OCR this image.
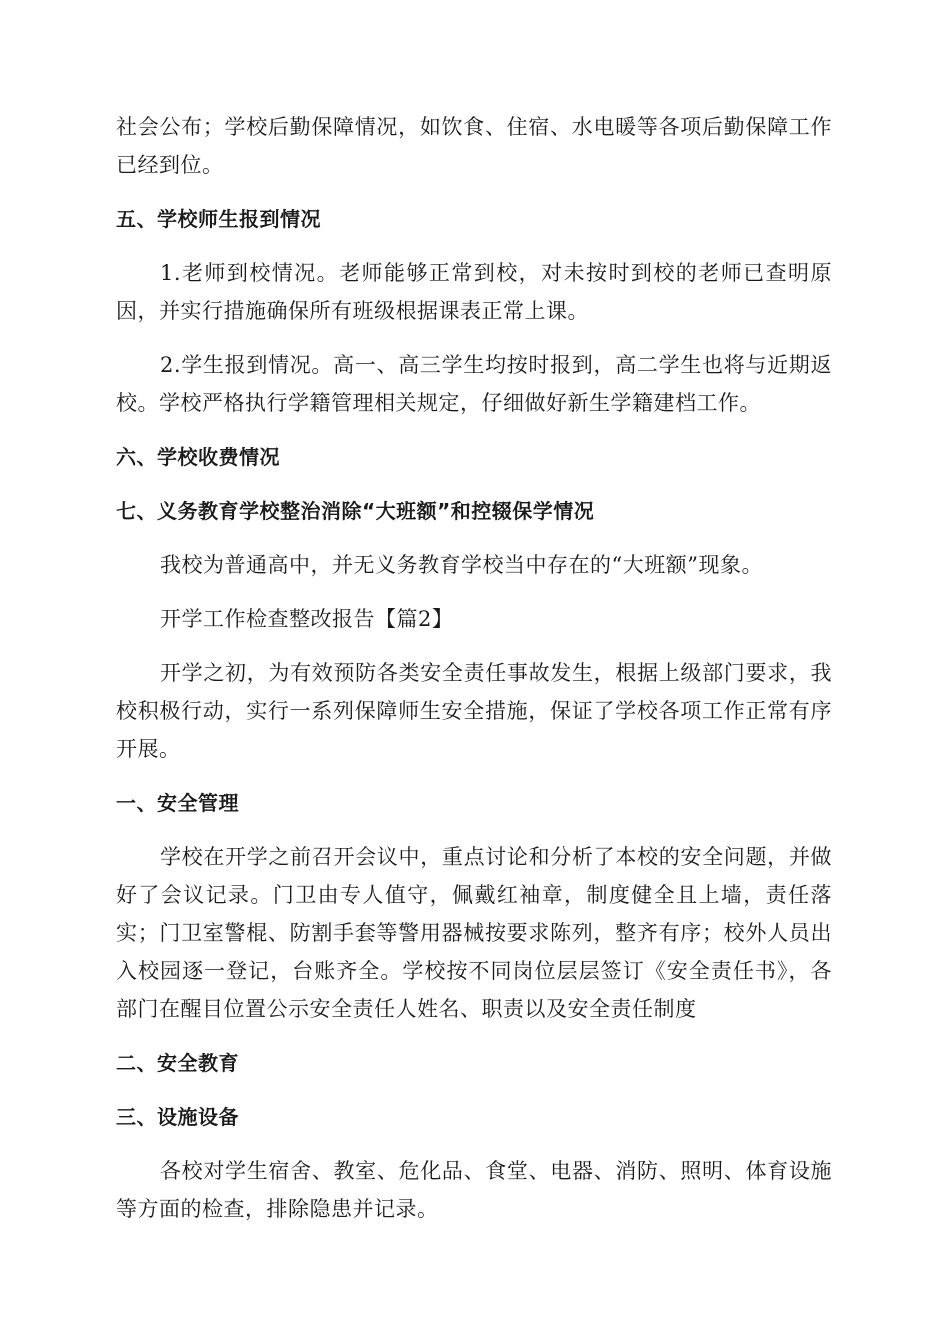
社会公布；学校后勤保障情况，如饮食、住宿、水电暖等各项后勤保障工作已经到位。

五、学校师生报到情况

1.老师到校情况。老师能够正常到校，对未按时到校的老师已查明原因，并实行措施确保所有班级根据课表正常上课。

2.学生报到情况。高一、高三学生均按时报到，高二学生也将与近期返校。学校严格执行学籍管理相关规定，仔细做好新生学籍建档工作。

六、学校收费情况

七、义务教育学校整治消除“大班额”和控辍保学情况

我校为普通高中，并无义务教育学校当中存在的“大班额”现象。

开学工作检查整改报告【篇2】

开学之初，为有效预防各类安全责任事故发生，根据上级部门要求，我校积极行动，实行一系列保障师生安全措施，保证了学校各项工作正常有序开展。

一、安全管理

学校在开学之前召开会议中，重点讨论和分析了本校的安全问题，并做好了会议记录。门卫由专人值守，佩戴红袖章，制度健全且上墙，责任落实；门卫室警棍、防割手套等警用器械按要求陈列，整齐有序；校外人员出入校园逐一登记，台账齐全。学校按不同岗位层层签订《安全责任书》，各部门在醒目位置公示安全责任人姓名、职责以及安全责任制度

二、安全教育

三、设施设备

各校对学生宿舍、教室、危化品、食堂、电器、消防、照明、体育设施等方面的检查，排除隐患并记录。
